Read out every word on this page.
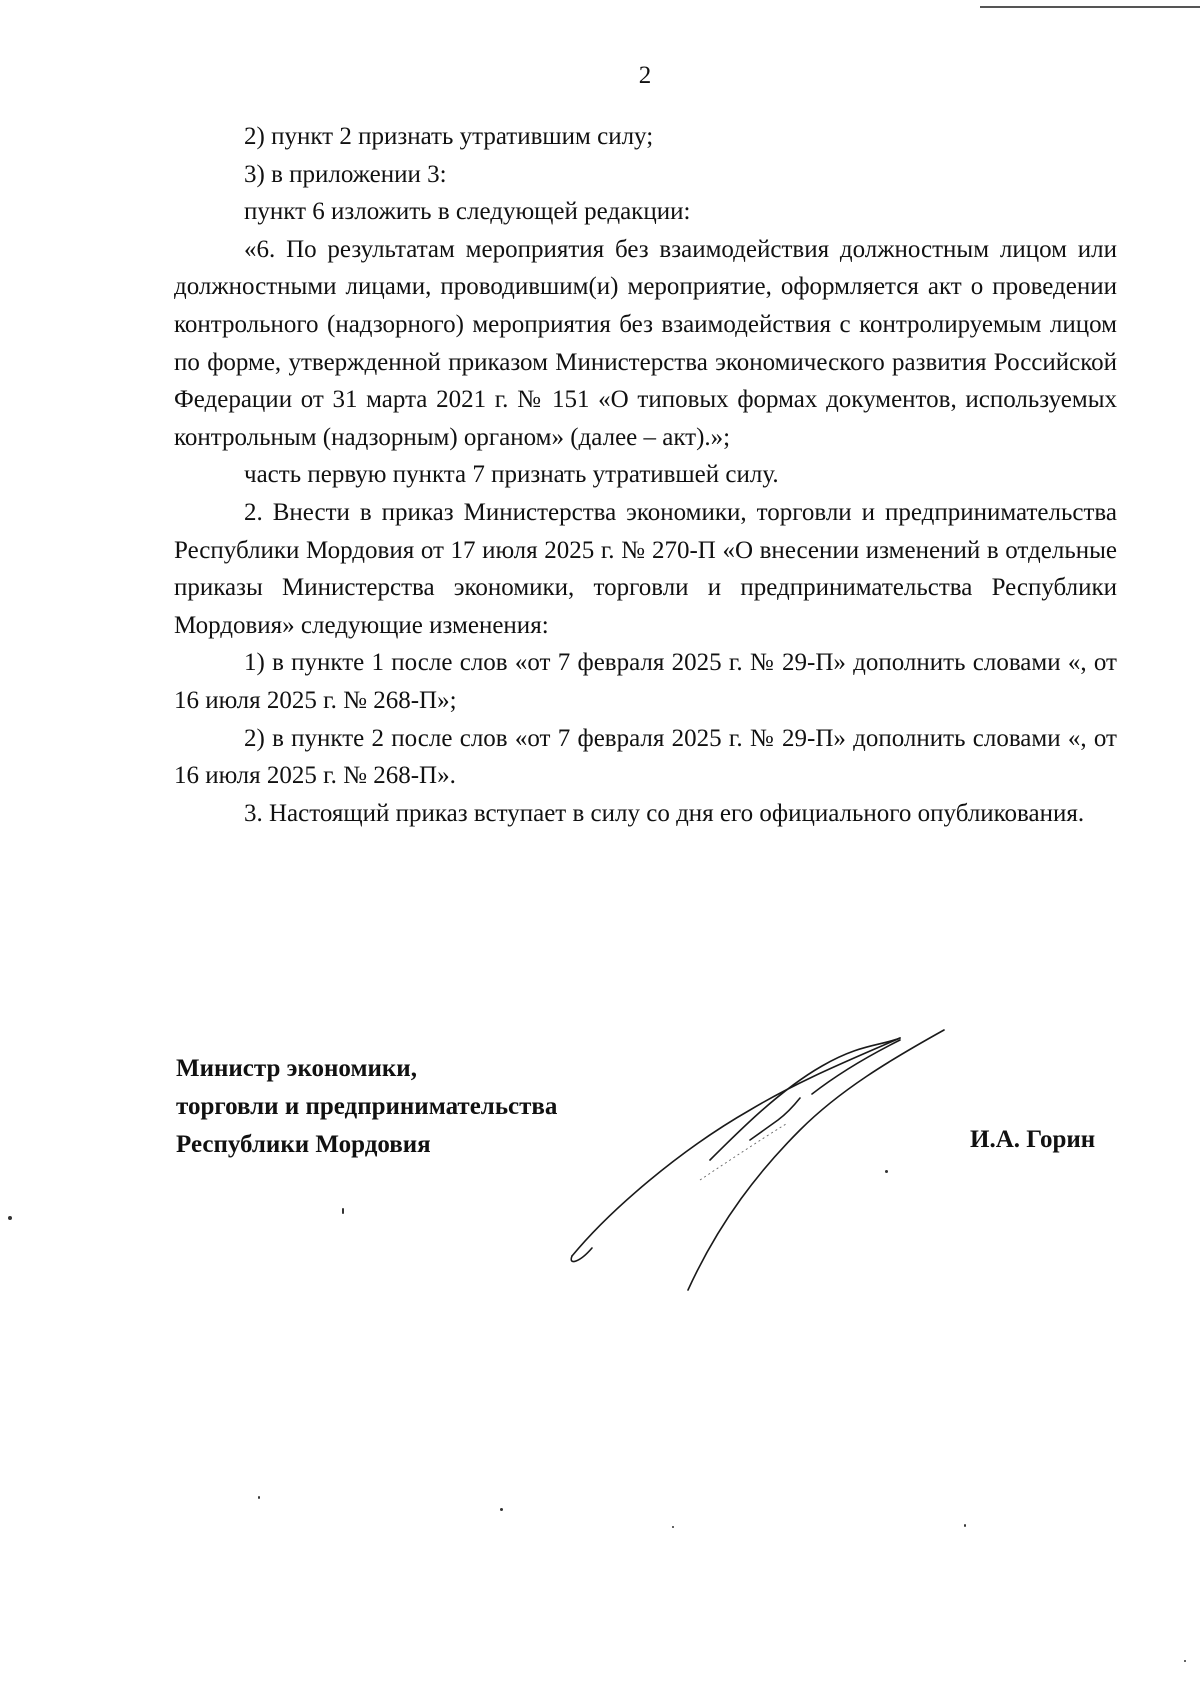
2

2) пункт 2 признать утратившим силу;

3) в приложении 3:

пункт 6 изложить в следующей редакции:

«6. По результатам мероприятия без взаимодействия должностным лицом или должностными лицами, проводившим(и) мероприятие, оформляется акт о проведении контрольного (надзорного) мероприятия без взаимодействия с контролируемым лицом по форме, утвержденной приказом Министерства экономического развития Российской Федерации от 31 марта 2021 г. № 151 «О типовых формах документов, используемых контрольным (надзорным) органом» (далее – акт).»;

часть первую пункта 7 признать утратившей силу.

2. Внести в приказ Министерства экономики, торговли и предпринимательства Республики Мордовия от 17 июля 2025 г. № 270-П «О внесении изменений в отдельные приказы Министерства экономики, торговли и предпринимательства Республики Мордовия» следующие изменения:

1) в пункте 1 после слов «от 7 февраля 2025 г. № 29-П» дополнить словами «, от 16 июля 2025 г. № 268-П»;

2) в пункте 2 после слов «от 7 февраля 2025 г. № 29-П» дополнить словами «, от 16 июля 2025 г. № 268-П».

3. Настоящий приказ вступает в силу со дня его официального опубликования.

Министр экономики,
торговли и предпринимательства
Республики Мордовия	И.А. Горин
